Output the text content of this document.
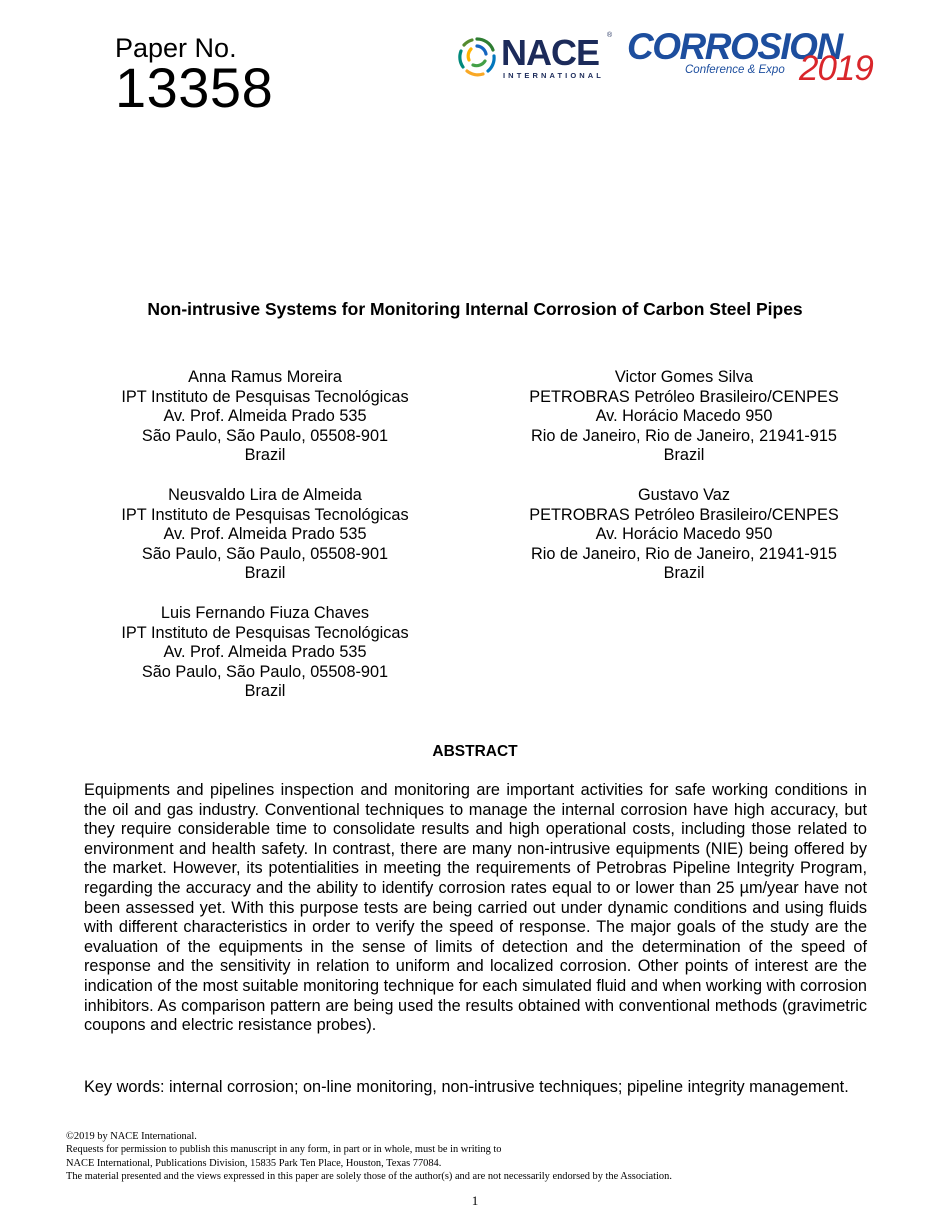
Paper No.
13358
NACE ®
INTERNATIONAL
CORROSION
Conference & Expo 2019
Non-intrusive Systems for Monitoring Internal Corrosion of Carbon Steel Pipes
Anna Ramus Moreira
IPT Instituto de Pesquisas Tecnológicas
Av. Prof. Almeida Prado 535
São Paulo, São Paulo, 05508-901
Brazil
Victor Gomes Silva
PETROBRAS Petróleo Brasileiro/CENPES
Av. Horácio Macedo 950
Rio de Janeiro, Rio de Janeiro, 21941-915
Brazil
Neusvaldo Lira de Almeida
IPT Instituto de Pesquisas Tecnológicas
Av. Prof. Almeida Prado 535
São Paulo, São Paulo, 05508-901
Brazil
Gustavo Vaz
PETROBRAS Petróleo Brasileiro/CENPES
Av. Horácio Macedo 950
Rio de Janeiro, Rio de Janeiro, 21941-915
Brazil
Luis Fernando Fiuza Chaves
IPT Instituto de Pesquisas Tecnológicas
Av. Prof. Almeida Prado 535
São Paulo, São Paulo, 05508-901
Brazil
ABSTRACT
Equipments and pipelines inspection and monitoring are important activities for safe working conditions in the oil and gas industry. Conventional techniques to manage the internal corrosion have high accuracy, but they require considerable time to consolidate results and high operational costs, including those related to environment and health safety. In contrast, there are many non-intrusive equipments (NIE) being offered by the market. However, its potentialities in meeting the requirements of Petrobras Pipeline Integrity Program, regarding the accuracy and the ability to identify corrosion rates equal to or lower than 25 µm/year have not been assessed yet. With this purpose tests are being carried out under dynamic conditions and using fluids with different characteristics in order to verify the speed of response. The major goals of the study are the evaluation of the equipments in the sense of limits of detection and the determination of the speed of response and the sensitivity in relation to uniform and localized corrosion. Other points of interest are the indication of the most suitable monitoring technique for each simulated fluid and when working with corrosion inhibitors. As comparison pattern are being used the results obtained with conventional methods (gravimetric coupons and electric resistance probes).
Key words: internal corrosion; on-line monitoring, non-intrusive techniques; pipeline integrity management.
©2019 by NACE International.
Requests for permission to publish this manuscript in any form, in part or in whole, must be in writing to
NACE International, Publications Division, 15835 Park Ten Place, Houston, Texas 77084.
The material presented and the views expressed in this paper are solely those of the author(s) and are not necessarily endorsed by the Association.
1
